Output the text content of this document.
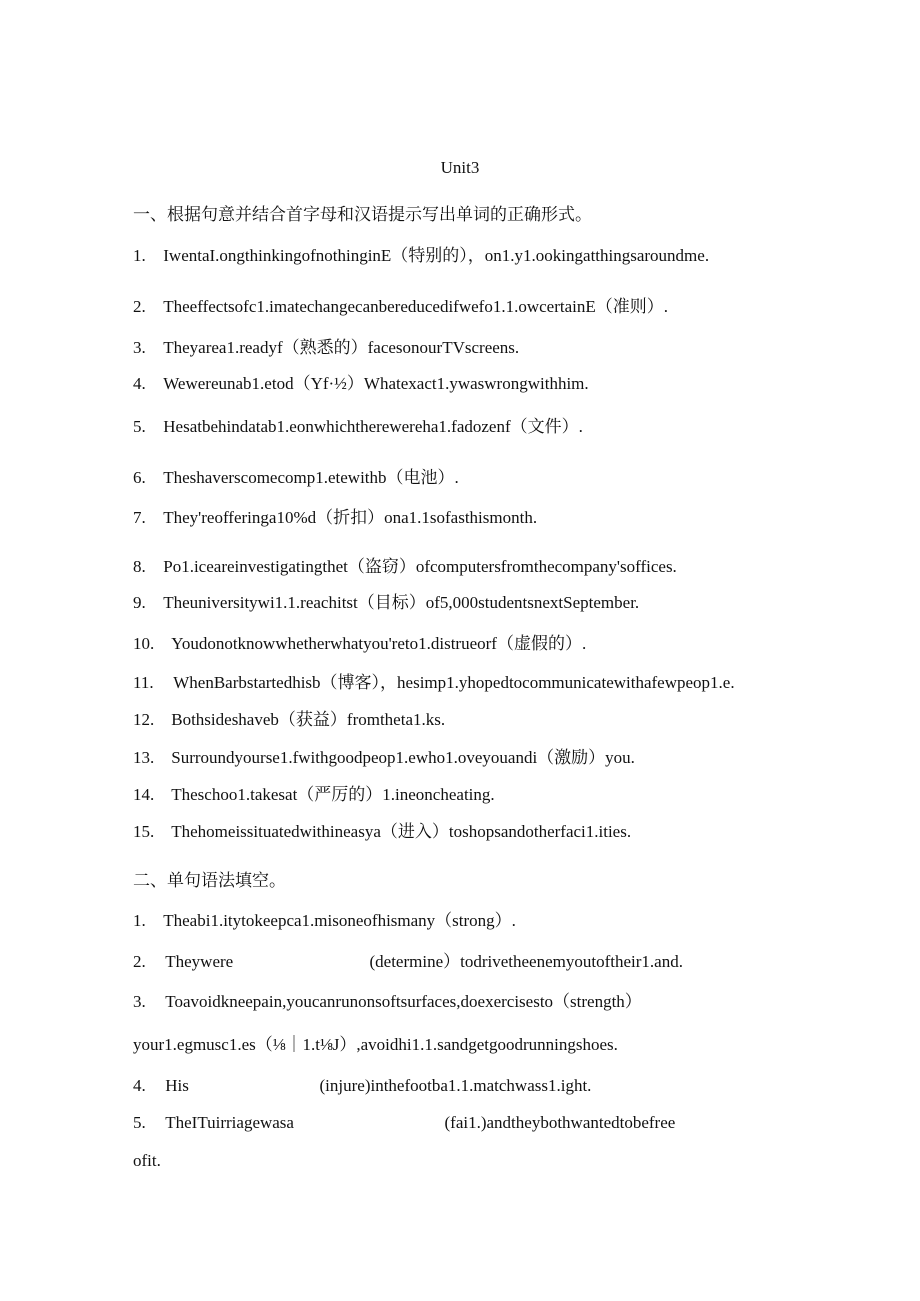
Unit3
一、根据句意并结合首字母和汉语提示写出单词的正确形式。
1. IwentaI.ongthinkingofnothinginE（特别的），on1.y1.ookingatthingsaroundme.
2. Theeffectsofc1.imatechangecanbereducedifwefo1.1.owcertainE（准则）.
3. Theyarea1.readyf（熟悉的）facesonourTVscreens.
4. Wewereunab1.etod（Yf·½）Whatexact1.ywaswrongwithhim.
5. Hesatbehindatab1.eonwhichtherewereha1.fadozenf（文件）.
6. Theshaverscomecomp1.etewithb（电池）.
7. They'reofferinga10%d（折扣）ona1.1sofasthismonth.
8. Po1.iceareinvestigatingthet（盗窃）ofcomputersfromthecompany'soffices.
9. Theuniversitywi1.1.reachitst（目标）of5,000studentsnextSeptember.
10. Youdonotknowwhetherwhatyou'reto1.distrueorf（虚假的）.
11. WhenBarbstartedhisb（博客），hesimp1.yhopedtocommunicatewithafewpeop1.e.
12. Bothsideshaveb（获益）fromtheta1.ks.
13. Surroundyourse1.fwithgoodpeop1.ewho1.oveyouandi（激励）you.
14. Theschoo1.takesat（严厉的）1.ineoncheating.
15. Thehomeissituatedwithineasya（进入）toshopsandotherfaci1.ities.
二、单句语法填空。
1. Theabi1.itytokeepca1.misoneofhismany（strong）.
2. Theywere	(determine）todrivetheenemyoutoftheir1.and.
3. Toavoidkneepain,youcanrunonsoftsurfaces,doexercisesto（strength）
your1.egmusc1.es（⅛｜1.t⅛J）,avoidhi1.1.sandgetgoodrunningshoes.
4. His	(injure)inthefootba1.1.matchwass1.ight.
5. TheITuirriagewasa	(fai1.)andtheybothwantedtobefree
ofit.
